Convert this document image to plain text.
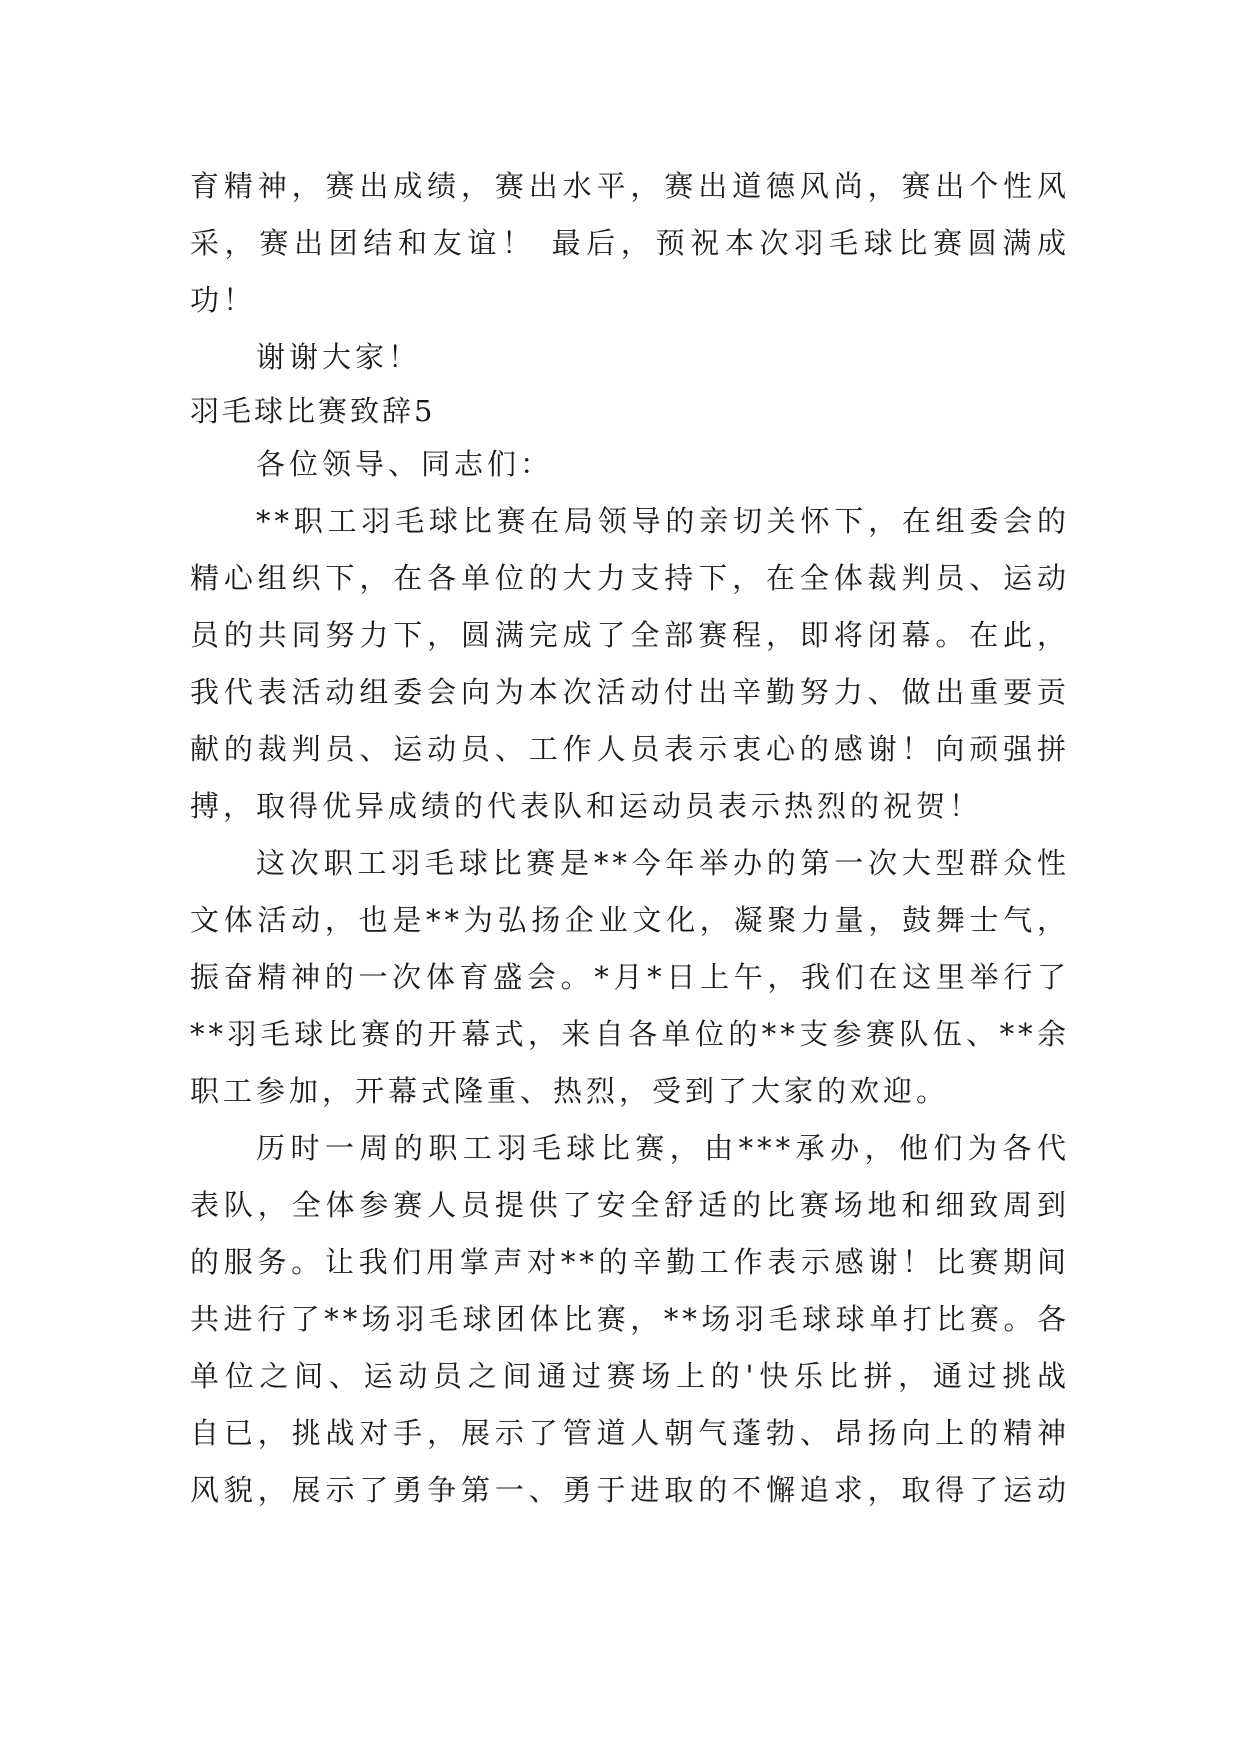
育精神，赛出成绩，赛出水平，赛出道德风尚，赛出个性风
采，赛出团结和友谊！ 最后，预祝本次羽毛球比赛圆满成
功！
谢谢大家！
羽毛球比赛致辞5
各位领导、同志们：
**职工羽毛球比赛在局领导的亲切关怀下，在组委会的
精心组织下，在各单位的大力支持下，在全体裁判员、运动
员的共同努力下，圆满完成了全部赛程，即将闭幕。在此，
我代表活动组委会向为本次活动付出辛勤努力、做出重要贡
献的裁判员、运动员、工作人员表示衷心的感谢！向顽强拼
搏，取得优异成绩的代表队和运动员表示热烈的祝贺！
这次职工羽毛球比赛是**今年举办的第一次大型群众性
文体活动，也是**为弘扬企业文化，凝聚力量，鼓舞士气，
振奋精神的一次体育盛会。*月*日上午，我们在这里举行了
**羽毛球比赛的开幕式，来自各单位的**支参赛队伍、**余
职工参加，开幕式隆重、热烈，受到了大家的欢迎。
历时一周的职工羽毛球比赛，由***承办，他们为各代
表队，全体参赛人员提供了安全舒适的比赛场地和细致周到
的服务。让我们用掌声对**的辛勤工作表示感谢！比赛期间
共进行了**场羽毛球团体比赛，**场羽毛球球单打比赛。各
单位之间、运动员之间通过赛场上的'快乐比拼，通过挑战
自已，挑战对手，展示了管道人朝气蓬勃、昂扬向上的精神
风貌，展示了勇争第一、勇于进取的不懈追求，取得了运动
